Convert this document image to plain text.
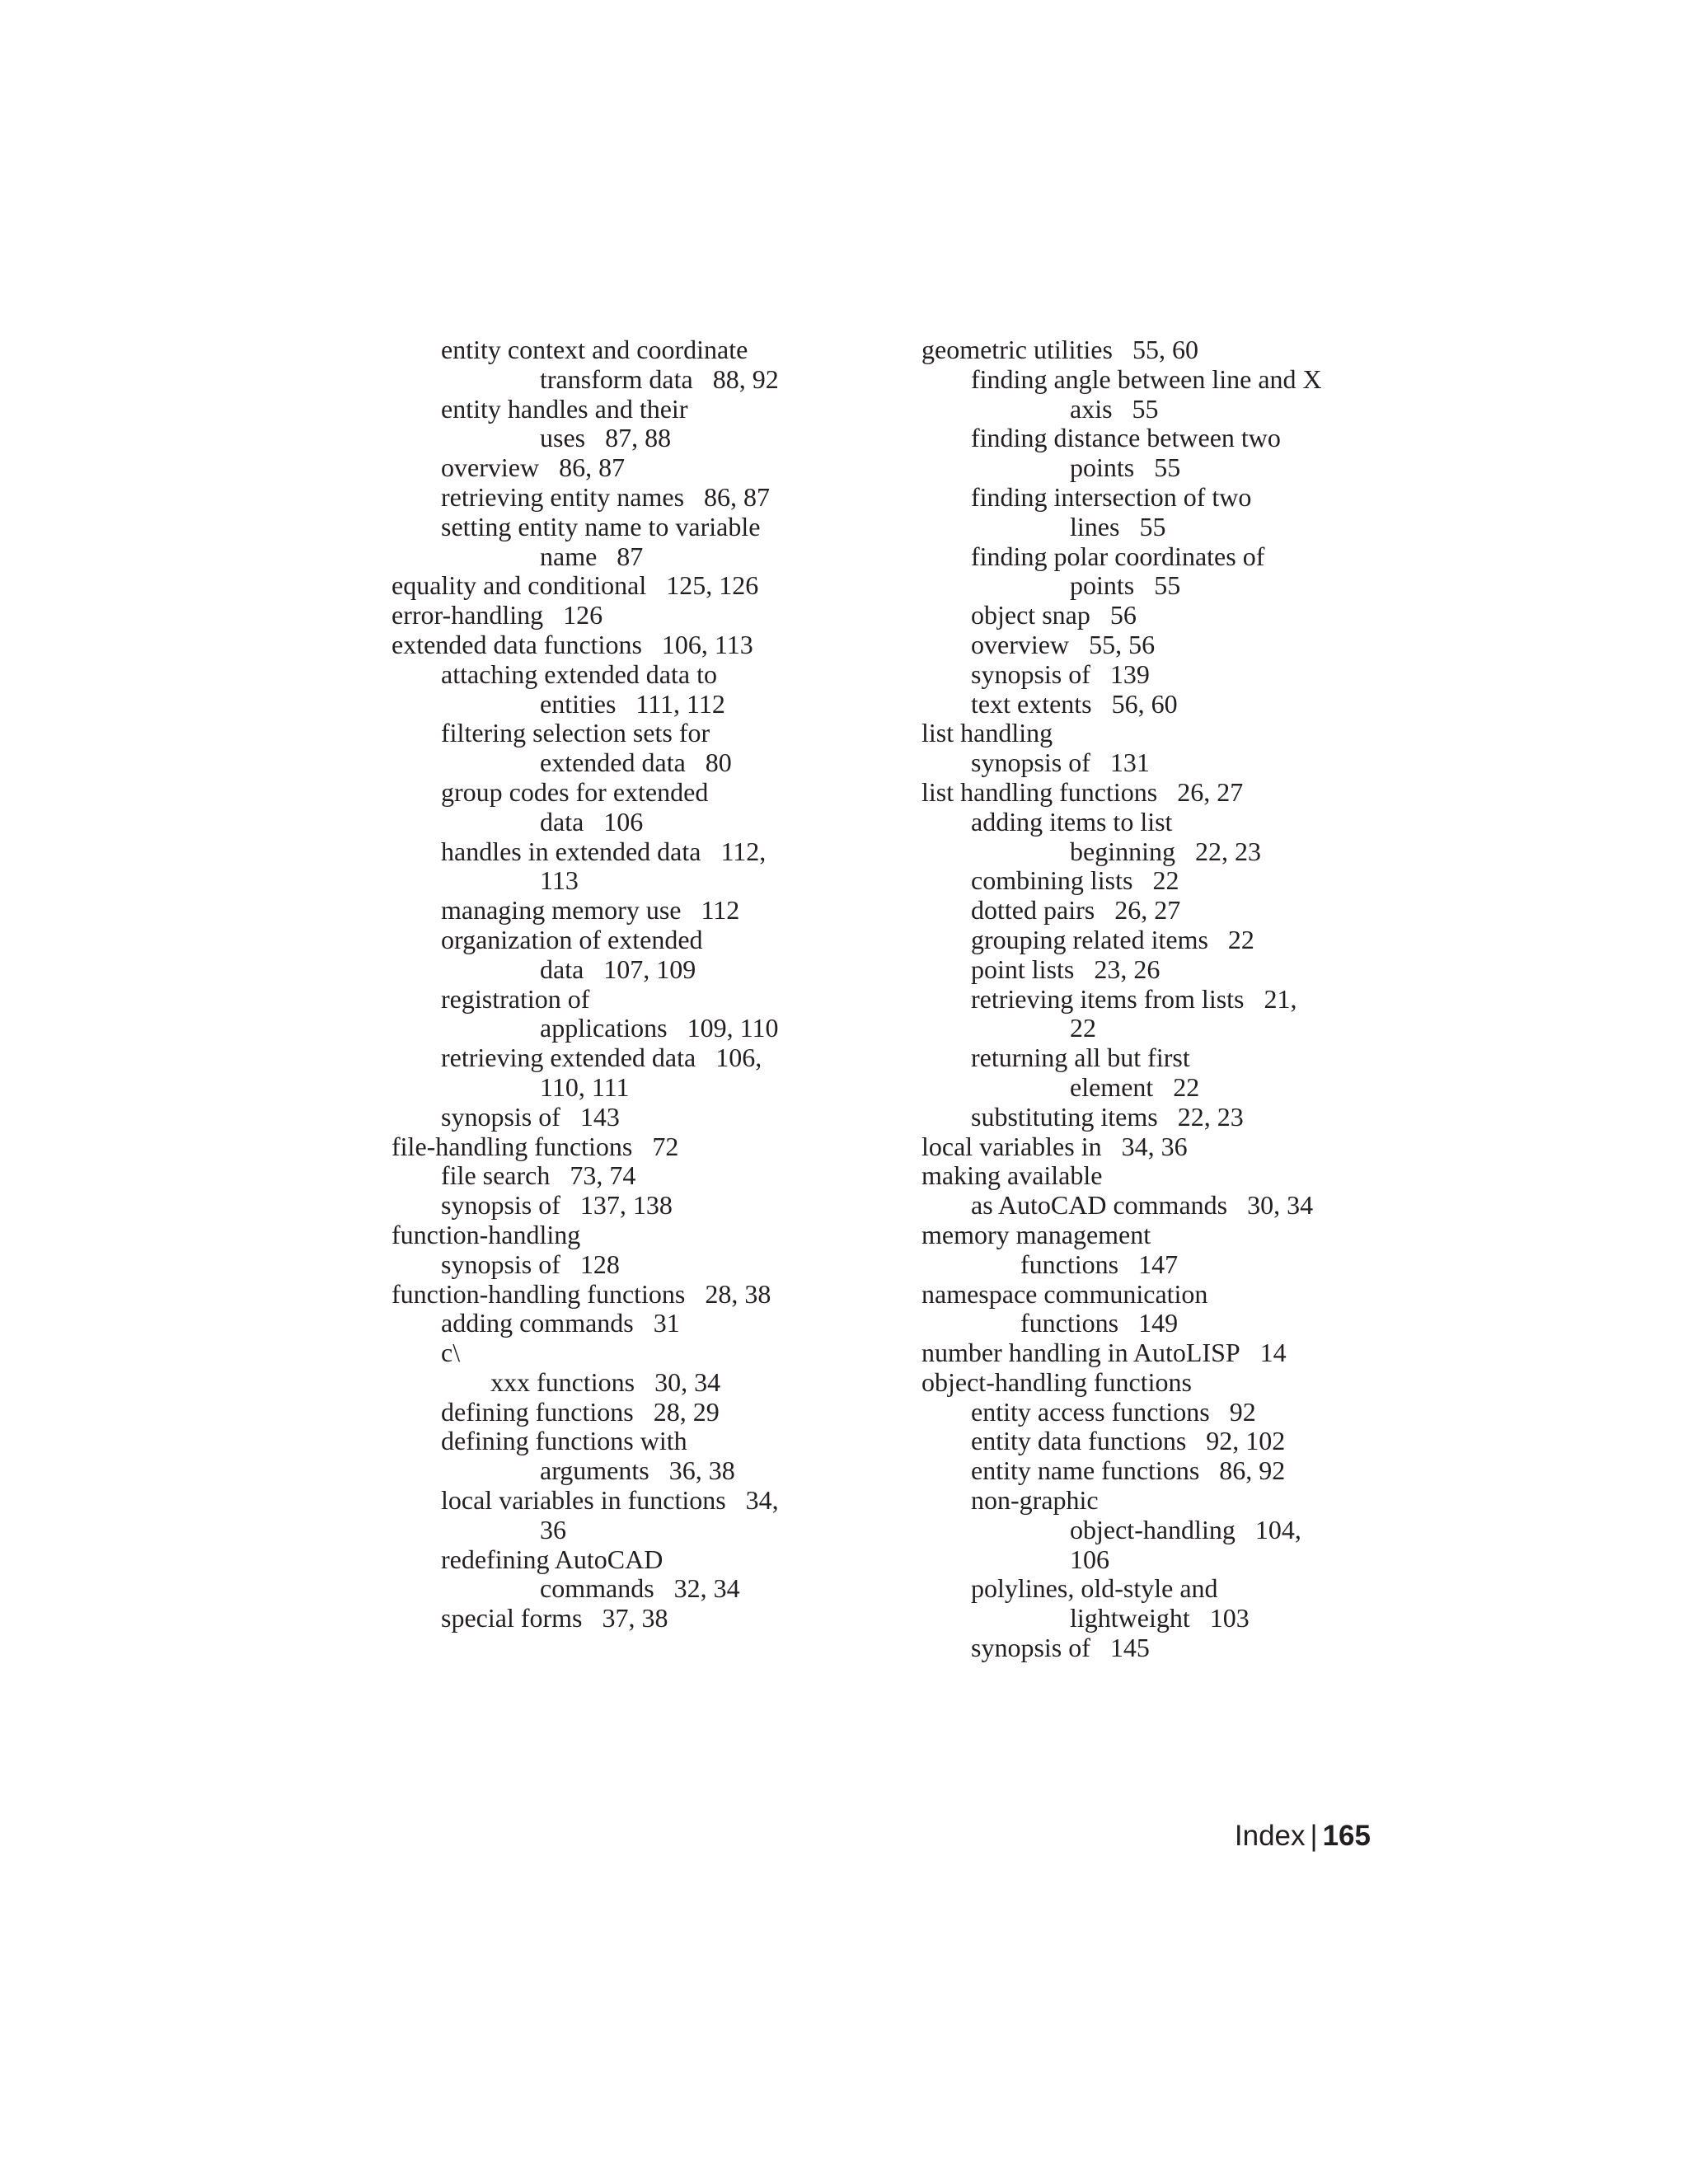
entity context and coordinate
transform data 88, 92
entity handles and their
uses 87, 88
overview 86, 87
retrieving entity names 86, 87
setting entity name to variable
name 87
equality and conditional 125, 126
error-handling 126
extended data functions 106, 113
attaching extended data to
entities 111, 112
filtering selection sets for
extended data 80
group codes for extended
data 106
handles in extended data 112,
113
managing memory use 112
organization of extended
data 107, 109
registration of
applications 109, 110
retrieving extended data 106,
110, 111
synopsis of 143
file-handling functions 72
file search 73, 74
synopsis of 137, 138
function-handling
synopsis of 128
function-handling functions 28, 38
adding commands 31
c\
xxx functions 30, 34
defining functions 28, 29
defining functions with
arguments 36, 38
local variables in functions 34,
36
redefining AutoCAD
commands 32, 34
special forms 37, 38
geometric utilities 55, 60
finding angle between line and X
axis 55
finding distance between two
points 55
finding intersection of two
lines 55
finding polar coordinates of
points 55
object snap 56
overview 55, 56
synopsis of 139
text extents 56, 60
list handling
synopsis of 131
list handling functions 26, 27
adding items to list
beginning 22, 23
combining lists 22
dotted pairs 26, 27
grouping related items 22
point lists 23, 26
retrieving items from lists 21,
22
returning all but first
element 22
substituting items 22, 23
local variables in 34, 36
making available
as AutoCAD commands 30, 34
memory management
functions 147
namespace communication
functions 149
number handling in AutoLISP 14
object-handling functions
entity access functions 92
entity data functions 92, 102
entity name functions 86, 92
non-graphic
object-handling 104,
106
polylines, old-style and
lightweight 103
synopsis of 145
Index | 165
